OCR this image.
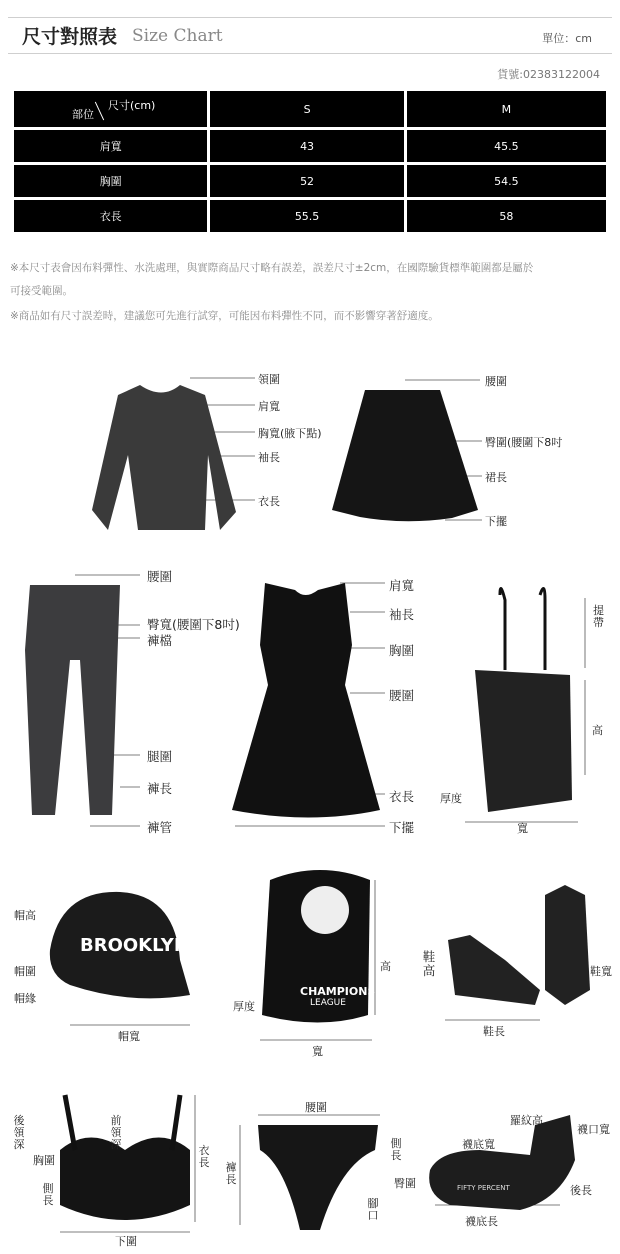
尺寸對照表 Size Chart	單位：cm
貨號:02383122004
部位
尺寸(cm)	S	M
肩寬	43	45.5
胸圍	52	54.5
衣長	55.5	58
※本尺寸表會因布料彈性、水洗處理，與實際商品尺寸略有誤差，誤差尺寸±2cm，在國際驗貨標準範圍都是屬於
可接受範圍。
※商品如有尺寸誤差時，建議您可先進行試穿，可能因布料彈性不同，而不影響穿著舒適度。
BROOKLYN
CHAMPIONS
LEAGUE
領圍
肩寬
胸寬(腋下點)
袖長
衣長
腰圍
臀圍(腰圍下8吋
裙長
下擺
腰圍
臀寬(腰圍下8吋)
褲檔
腿圍
褲長
褲管
肩寬
袖長
胸圍
腰圍
衣長
下擺
提帶
高
厚度
寬
帽高
帽圍
帽緣
帽寬
高
厚度
寬
鞋高	鞋寬
鞋長
後領深
前領深	衣長
胸圍
側長
下圍
腰圍
褲長
側長
臀圍
腳口
羅紋高
襪口寬
襪底寬
後長
襪底長
FIFTY PERCENT
